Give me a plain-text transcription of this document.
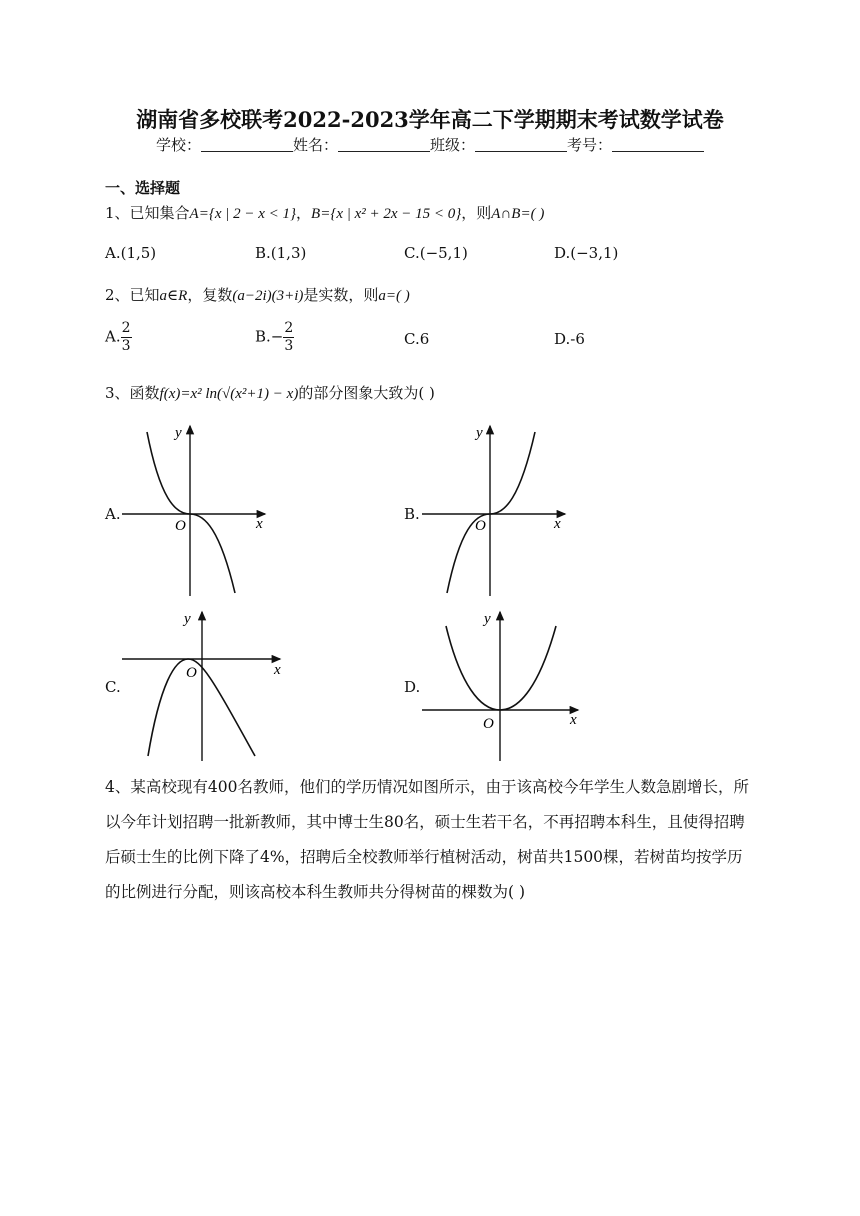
湖南省多校联考2022-2023学年高二下学期期末考试数学试卷
学校：	姓名：	班级：	考号：
一、选择题
1、已知集合A={x | 2 − x < 1}，B={x | x² + 2x − 15 < 0}，则A∩B=( )
A.(1,5)	B.(1,3)	C.(−5,1)	D.(−3,1)
2、已知a∈R，复数(a−2i)(3+i)是实数，则a=( )
A. $\frac{2}{3}$	$B.- \frac{2}{3}$	C.6	D.-6
3、函数f(x)=x² ln(√(x²+1) − x)的部分图象大致为( )
A.	B.
C.	D.
y
x
O
y
x
O
y
x
O
y
x
O
4、某高校现有400名教师，他们的学历情况如图所示，由于该高校今年学生人数急剧增长，所以今年计划招聘一批新教师，其中博士生80名，硕士生若干名，不再招聘本科生，且使得招聘后硕士生的比例下降了4%，招聘后全校教师举行植树活动，树苗共1500棵，若树苗均按学历的比例进行分配，则该高校本科生教师共分得树苗的棵数为( )
